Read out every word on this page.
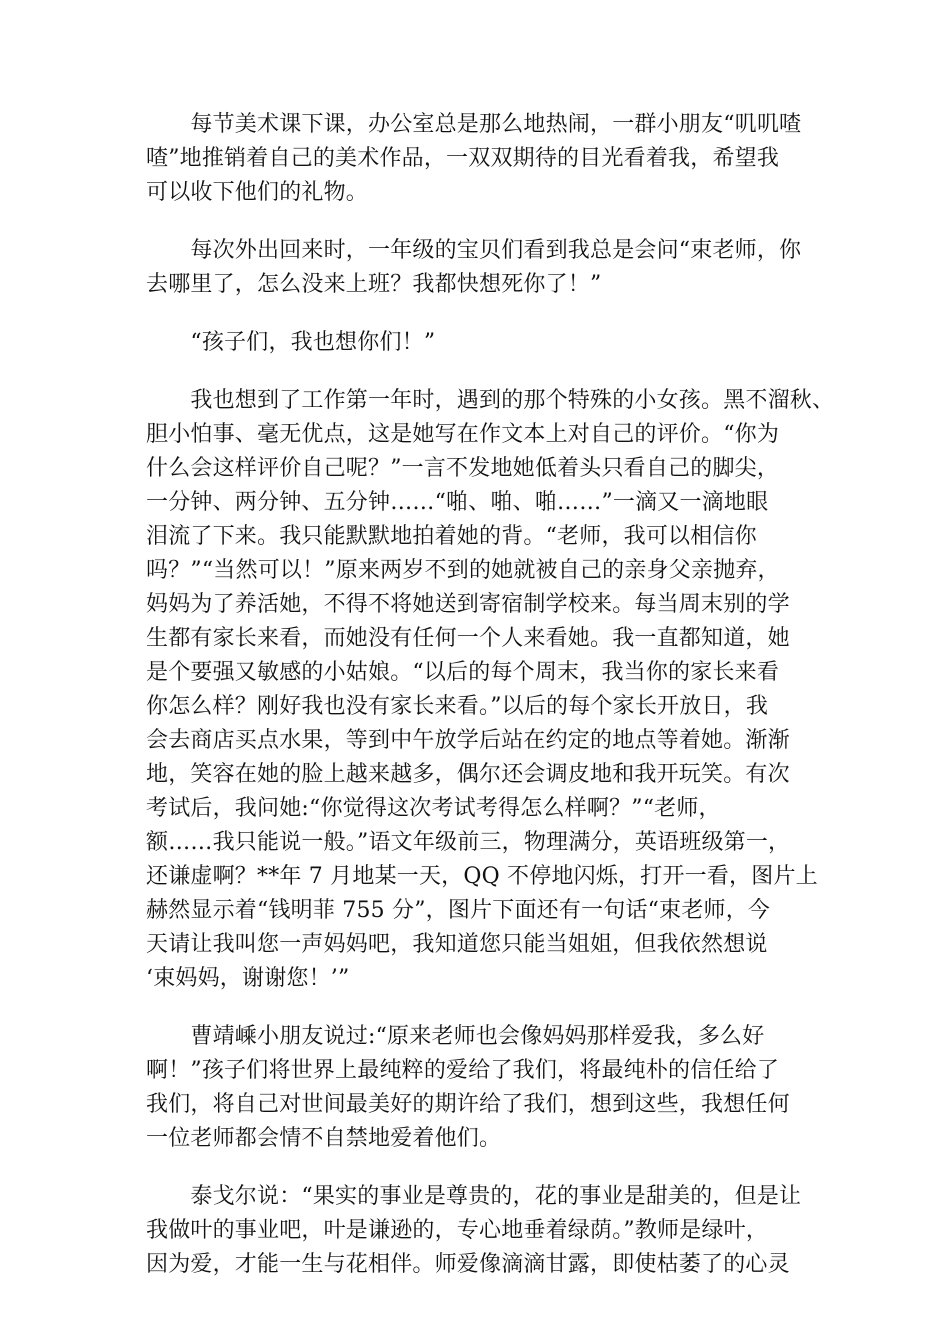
　　每节美术课下课，办公室总是那么地热闹，一群小朋友“叽叽喳
喳”地推销着自己的美术作品，一双双期待的目光看着我，希望我
可以收下他们的礼物。
　　每次外出回来时，一年级的宝贝们看到我总是会问“束老师，你
去哪里了，怎么没来上班？我都快想死你了！”
　　“孩子们，我也想你们！”
　　我也想到了工作第一年时，遇到的那个特殊的小女孩。黑不溜秋、
胆小怕事、毫无优点，这是她写在作文本上对自己的评价。“你为
什么会这样评价自己呢？”一言不发地她低着头只看自己的脚尖，
一分钟、两分钟、五分钟……“啪、啪、啪……”一滴又一滴地眼
泪流了下来。我只能默默地拍着她的背。“老师，我可以相信你
吗？”“当然可以！”原来两岁不到的她就被自己的亲身父亲抛弃，
妈妈为了养活她，不得不将她送到寄宿制学校来。每当周末别的学
生都有家长来看，而她没有任何一个人来看她。我一直都知道，她
是个要强又敏感的小姑娘。“以后的每个周末，我当你的家长来看
你怎么样？刚好我也没有家长来看。”以后的每个家长开放日，我
会去商店买点水果，等到中午放学后站在约定的地点等着她。渐渐
地，笑容在她的脸上越来越多，偶尔还会调皮地和我开玩笑。有次
考试后，我问她:“你觉得这次考试考得怎么样啊？”“老师，
额……我只能说一般。”语文年级前三，物理满分，英语班级第一，
还谦虚啊？**年 7 月地某一天，QQ 不停地闪烁，打开一看，图片上
赫然显示着“钱明菲 755 分”，图片下面还有一句话“束老师，今
天请让我叫您一声妈妈吧，我知道您只能当姐姐，但我依然想说
‘束妈妈，谢谢您！’”
　　曹靖嵊小朋友说过:“原来老师也会像妈妈那样爱我，多么好
啊！”孩子们将世界上最纯粹的爱给了我们，将最纯朴的信任给了
我们，将自己对世间最美好的期许给了我们，想到这些，我想任何
一位老师都会情不自禁地爱着他们。
　　泰戈尔说：“果实的事业是尊贵的，花的事业是甜美的，但是让
我做叶的事业吧，叶是谦逊的，专心地垂着绿荫。”教师是绿叶，
因为爱，才能一生与花相伴。师爱像滴滴甘露，即使枯萎了的心灵
